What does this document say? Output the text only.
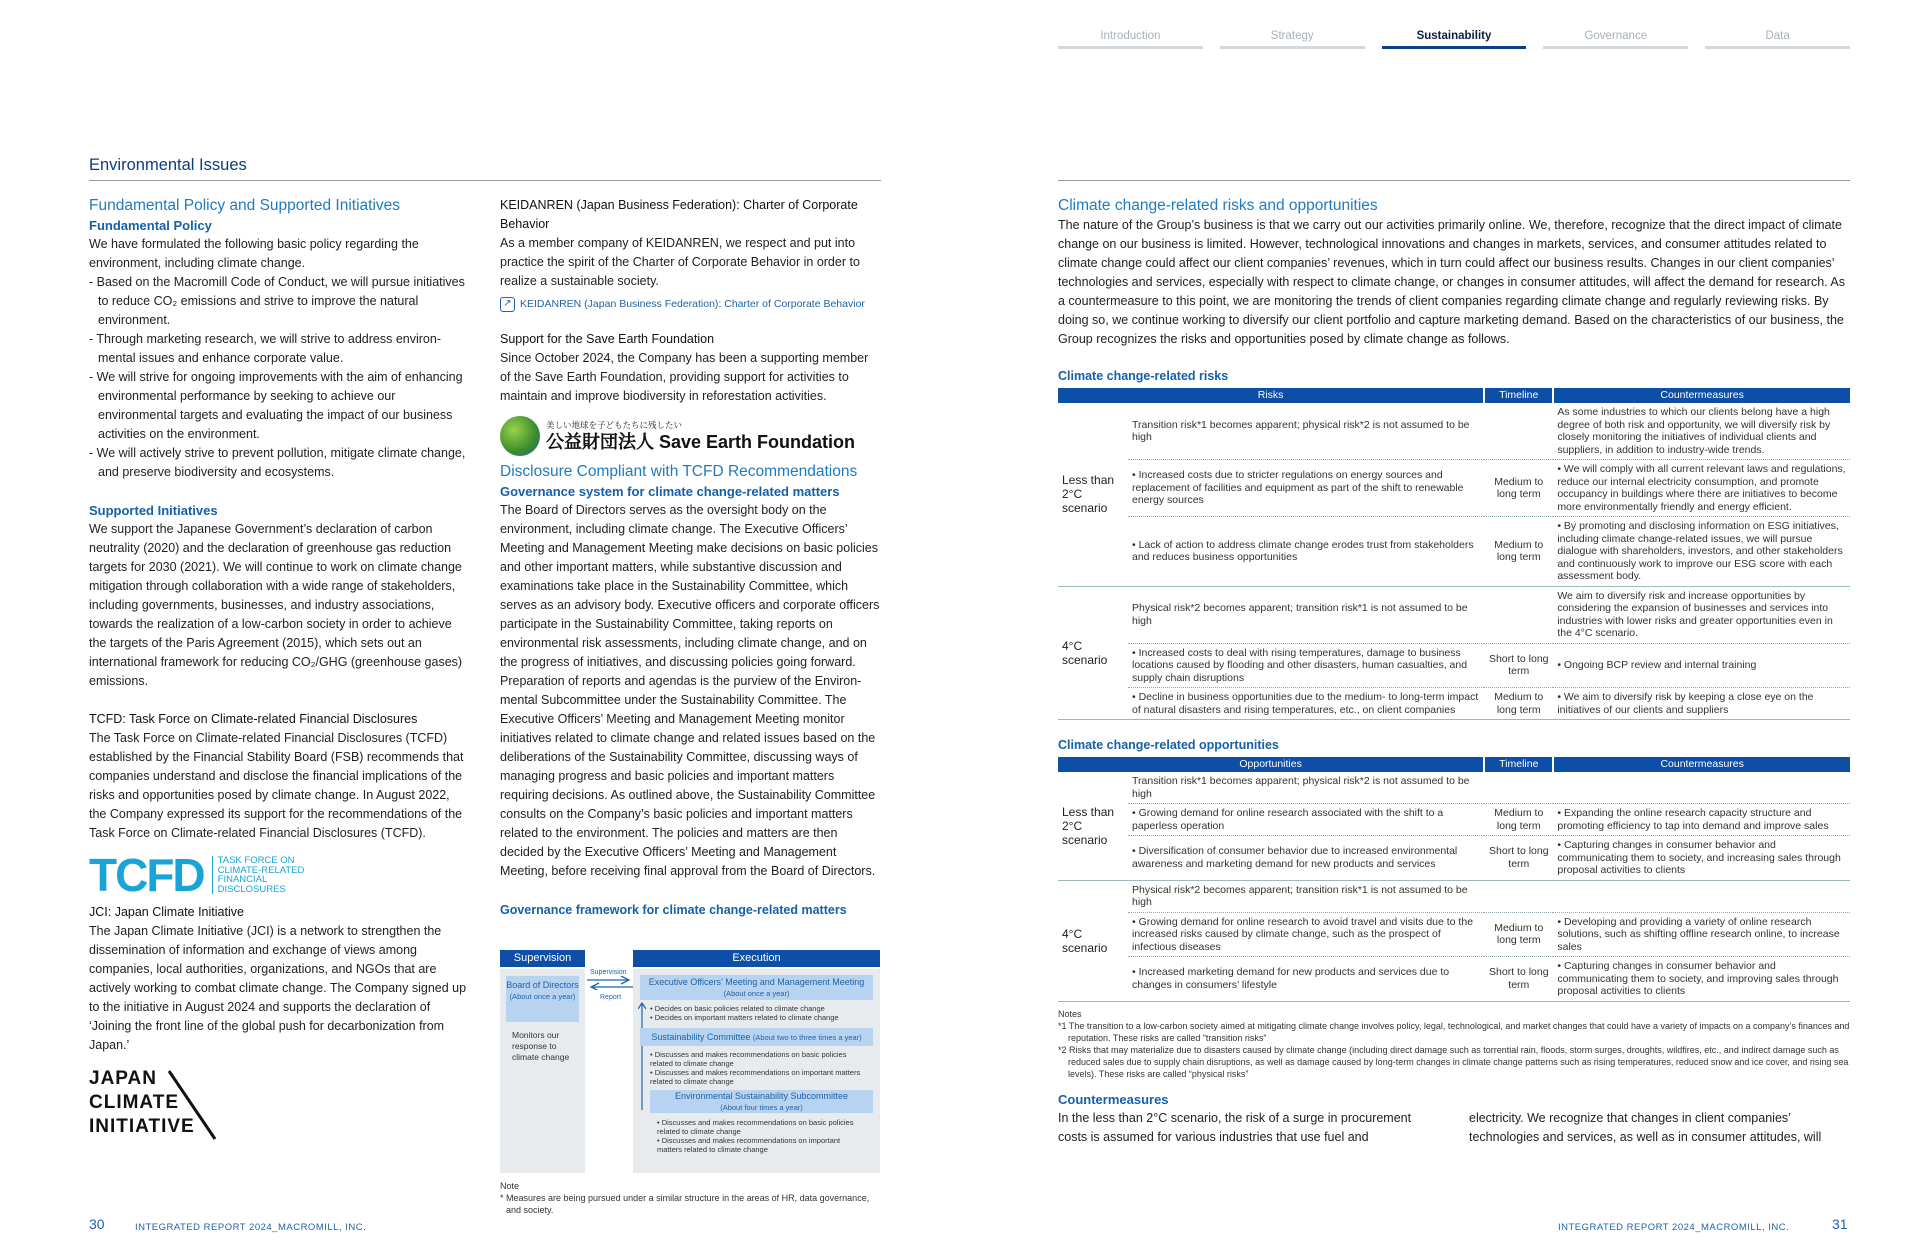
Introduction	Strategy	Sustainability	Governance	Data
Environmental Issues
Fundamental Policy and Supported Initiatives
Fundamental Policy

We have formulated the following basic policy regarding the environment, including climate change.

- Based on the Macromill Code of Conduct, we will pursue initiatives to reduce CO₂ emissions and strive to improve the natural environment.

- Through marketing research, we will strive to address environ-mental issues and enhance corporate value.

- We will strive for ongoing improvements with the aim of enhancing environmental performance by seeking to achieve our environmental targets and evaluating the impact of our business activities on the environment.

- We will actively strive to prevent pollution, mitigate climate change, and preserve biodiversity and ecosystems.

Supported Initiatives

We support the Japanese Government’s declaration of carbon neutrality (2020) and the declaration of greenhouse gas reduction targets for 2030 (2021). We will continue to work on climate change mitigation through collaboration with a wide range of stakeholders, including governments, businesses, and industry associations, towards the realization of a low-carbon society in order to achieve the targets of the Paris Agreement (2015), which sets out an international framework for reducing CO₂/GHG (greenhouse gases) emissions.

TCFD: Task Force on Climate-related Financial Disclosures

The Task Force on Climate-related Financial Disclosures (TCFD) established by the Financial Stability Board (FSB) recommends that companies understand and disclose the financial implications of the risks and opportunities posed by climate change. In August 2022, the Company expressed its support for the recommendations of the Task Force on Climate-related Financial Disclosures (TCFD).

TCFD	TASK FORCE ON CLIMATE-RELATED FINANCIAL DISCLOSURES
JCI: Japan Climate Initiative

The Japan Climate Initiative (JCI) is a network to strengthen the dissemination of information and exchange of views among companies, local authorities, organizations, and NGOs that are actively working to combat climate change. The Company signed up to the initiative in August 2024 and supports the declaration of ‘Joining the front line of the global push for decarbonization from Japan.’

JAPAN
CLIMATE
INITIATIVE
KEIDANREN (Japan Business Federation): Charter of Corporate Behavior

As a member company of KEIDANREN, we respect and put into practice the spirit of the Charter of Corporate Behavior in order to realize a sustainable society.

↗ KEIDANREN (Japan Business Federation): Charter of Corporate Behavior
Support for the Save Earth Foundation

Since October 2024, the Company has been a supporting member of the Save Earth Foundation, providing support for activities to maintain and improve biodiversity in reforestation activities.

美しい地球を子どもたちに残したい
公益財団法人 Save Earth Foundation
Disclosure Compliant with TCFD Recommendations
Governance system for climate change-related matters

The Board of Directors serves as the oversight body on the environment, including climate change. The Executive Officers’ Meeting and Management Meeting make decisions on basic policies and other important matters, while substantive discussion and examinations take place in the Sustainability Committee, which serves as an advisory body. Executive officers and corporate officers participate in the Sustainability Committee, taking reports on environmental risk assessments, including climate change, and on the progress of initiatives, and discussing policies going forward. Preparation of reports and agendas is the purview of the Environ-mental Subcommittee under the Sustainability Committee. The Executive Officers’ Meeting and Management Meeting monitor initiatives related to climate change and related issues based on the deliberations of the Sustainability Committee, discussing ways of managing progress and basic policies and important matters requiring decisions. As outlined above, the Sustainability Committee consults on the Company’s basic policies and important matters related to the environment. The policies and matters are then decided by the Executive Officers’ Meeting and Management Meeting, before receiving final approval from the Board of Directors.

Governance framework for climate change-related matters
Supervision	Execution
Board of Directors
(About once a year)
Supervision
Report
Monitors our response to climate change
Executive Officers’ Meeting and Management Meeting
(About once a year)
• Decides on basic policies related to climate change
• Decides on important matters related to climate change
Sustainability Committee (About two to three times a year)
• Discusses and makes recommendations on basic policies related to climate change
• Discusses and makes recommendations on important matters related to climate change
Environmental Sustainability Subcommittee
(About four times a year)
• Discusses and makes recommendations on basic policies related to climate change
• Discusses and makes recommendations on important matters related to climate change
Note
* Measures are being pursued under a similar structure in the areas of HR, data governance, and society.
Climate change-related risks and opportunities

The nature of the Group’s business is that we carry out our activities primarily online. We, therefore, recognize that the direct impact of climate change on our business is limited. However, technological innovations and changes in markets, services, and consumer attitudes related to climate change could affect our client companies’ revenues, which in turn could affect our business results. Changes in our client companies’ technologies and services, especially with respect to climate change, or changes in consumer attitudes, will affect the demand for research. As a countermeasure to this point, we are monitoring the trends of client companies regarding climate change and regularly reviewing risks. By doing so, we continue working to diversify our client portfolio and capture marketing demand. Based on the characteristics of our business, the Group recognizes the risks and opportunities posed by climate change as follows.

Climate change-related risks
Risks		Timeline	Countermeasures
Less than 2°C scenario	Transition risk*1 becomes apparent; physical risk*2 is not assumed to be high		As some industries to which our clients belong have a high degree of both risk and opportunity, we will diversify risk by closely monitoring the initiatives of individual clients and suppliers, in addition to industry-wide trends.
	• Increased costs due to stricter regulations on energy sources and replacement of facilities and equipment as part of the shift to renewable energy sources	Medium to long term	• We will comply with all current relevant laws and regulations, reduce our internal electricity consumption, and promote occupancy in buildings where there are initiatives to become more environmentally friendly and energy efficient.
	• Lack of action to address climate change erodes trust from stakeholders and reduces business opportunities	Medium to long term	• By promoting and disclosing information on ESG initiatives, including climate change-related issues, we will pursue dialogue with shareholders, investors, and other stakeholders and continuously work to improve our ESG score with each assessment body.
4°C scenario	Physical risk*2 becomes apparent; transition risk*1 is not assumed to be high		We aim to diversify risk and increase opportunities by considering the expansion of businesses and services into industries with lower risks and greater opportunities even in the 4°C scenario.
	• Increased costs to deal with rising temperatures, damage to business locations caused by flooding and other disasters, human casualties, and supply chain disruptions	Short to long term	• Ongoing BCP review and internal training
	• Decline in business opportunities due to the medium- to long-term impact of natural disasters and rising temperatures, etc., on client companies	Medium to long term	• We aim to diversify risk by keeping a close eye on the initiatives of our clients and suppliers
Climate change-related opportunities
Opportunities		Timeline	Countermeasures
Less than 2°C scenario	Transition risk*1 becomes apparent; physical risk*2 is not assumed to be high		
	• Growing demand for online research associated with the shift to a paperless operation	Medium to long term	• Expanding the online research capacity structure and promoting efficiency to tap into demand and improve sales
	• Diversification of consumer behavior due to increased environmental awareness and marketing demand for new products and services	Short to long term	• Capturing changes in consumer behavior and communicating them to society, and increasing sales through proposal activities to clients
4°C scenario	Physical risk*2 becomes apparent; transition risk*1 is not assumed to be high		
	• Growing demand for online research to avoid travel and visits due to the increased risks caused by climate change, such as the prospect of infectious diseases	Medium to long term	• Developing and providing a variety of online research solutions, such as shifting offline research online, to increase sales
	• Increased marketing demand for new products and services due to changes in consumers’ lifestyle	Short to long term	• Capturing changes in consumer behavior and communicating them to society, and improving sales through proposal activities to clients
Notes
*1 The transition to a low-carbon society aimed at mitigating climate change involves policy, legal, technological, and market changes that could have a variety of impacts on a company’s finances and reputation. These risks are called “transition risks”
*2 Risks that may materialize due to disasters caused by climate change (including direct damage such as torrential rain, floods, storm surges, droughts, wildfires, etc., and indirect damage such as reduced sales due to supply chain disruptions, as well as damage caused by long-term changes in climate change patterns such as rising temperatures, reduced snow and ice cover, and rising sea levels). These risks are called “physical risks”
Countermeasures

In the less than 2°C scenario, the risk of a surge in procurement costs is assumed for various industries that use fuel and

electricity. We recognize that changes in client companies’ technologies and services, as well as in consumer attitudes, will

30	INTEGRATED REPORT 2024_MACROMILL, INC.	INTEGRATED REPORT 2024_MACROMILL, INC.	31
